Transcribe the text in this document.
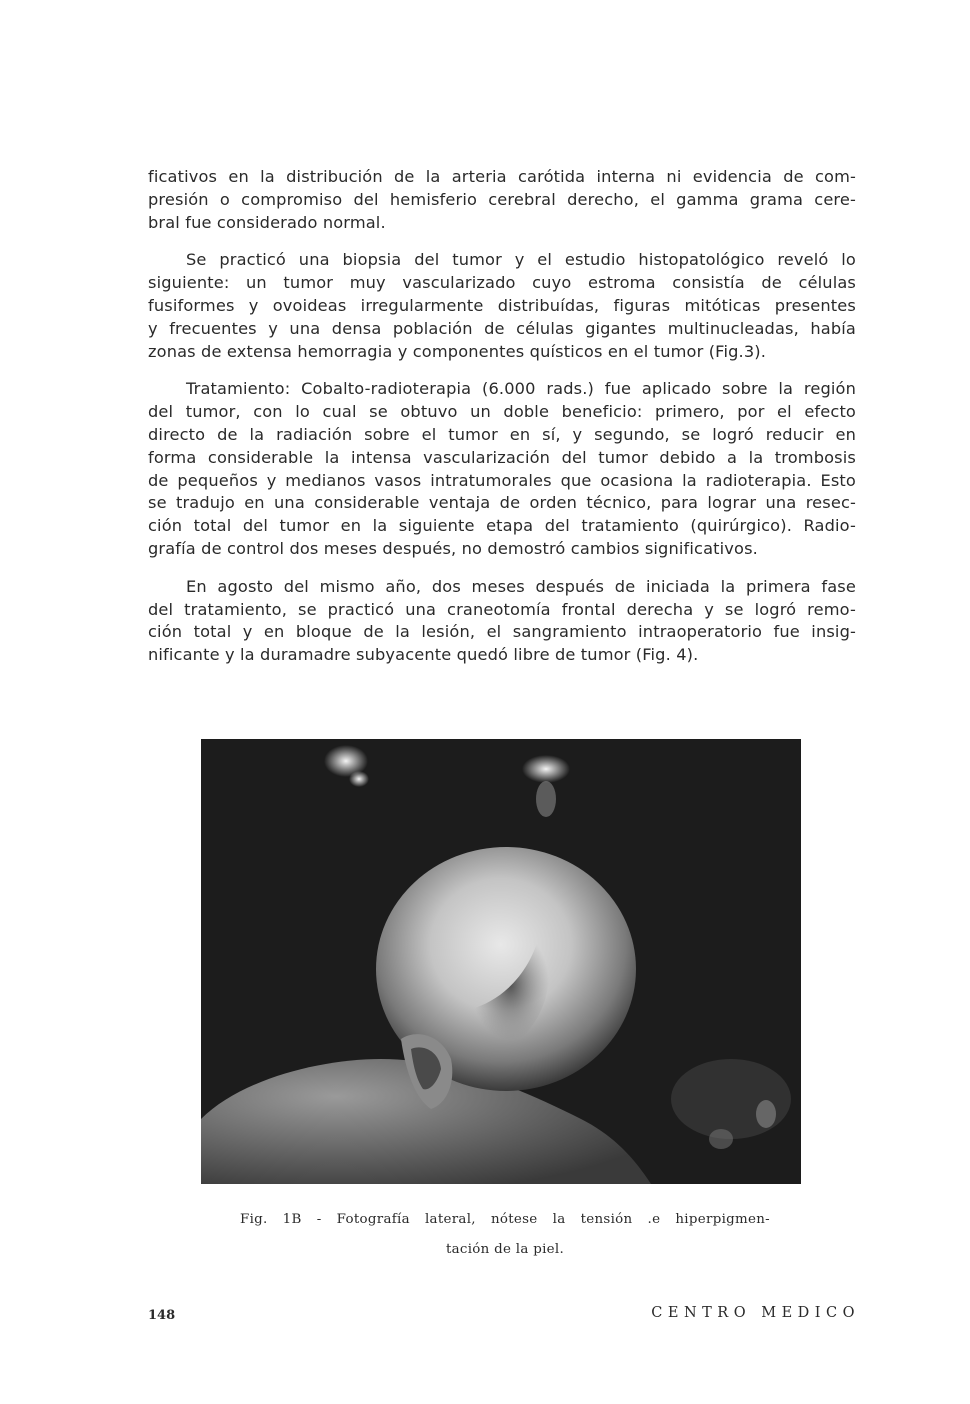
ficativos en la distribución de la arteria carótida interna ni evidencia de com-
presión o compromiso del hemisferio cerebral derecho, el gamma grama cere-
bral fue considerado normal.

Se practicó una biopsia del tumor y el estudio histopatológico reveló lo
siguiente: un tumor muy vascularizado cuyo estroma consistía de células
fusiformes y ovoideas irregularmente distribuídas, figuras mitóticas presentes
y frecuentes y una densa población de células gigantes multinucleadas, había
zonas de extensa hemorragia y componentes quísticos en el tumor (Fig.3).

Tratamiento: Cobalto-radioterapia (6.000 rads.) fue aplicado sobre la región
del tumor, con lo cual se obtuvo un doble beneficio: primero, por el efecto
directo de la radiación sobre el tumor en sí, y segundo, se logró reducir en
forma considerable la intensa vascularización del tumor debido a la trombosis
de pequeños y medianos vasos intratumorales que ocasiona la radioterapia. Esto
se tradujo en una considerable ventaja de orden técnico, para lograr una resec-
ción total del tumor en la siguiente etapa del tratamiento (quirúrgico). Radio-
grafía de control dos meses después, no demostró cambios significativos.

En agosto del mismo año, dos meses después de iniciada la primera fase
del tratamiento, se practicó una craneotomía frontal derecha y se logró remo-
ción total y en bloque de la lesión, el sangramiento intraoperatorio fue insig-
nificante y la duramadre subyacente quedó libre de tumor (Fig. 4).

Fig. 1B - Fotografía lateral, nótese la tensión .e hiperpigmen-
tación de la piel.
148	CENTRO MEDICO
